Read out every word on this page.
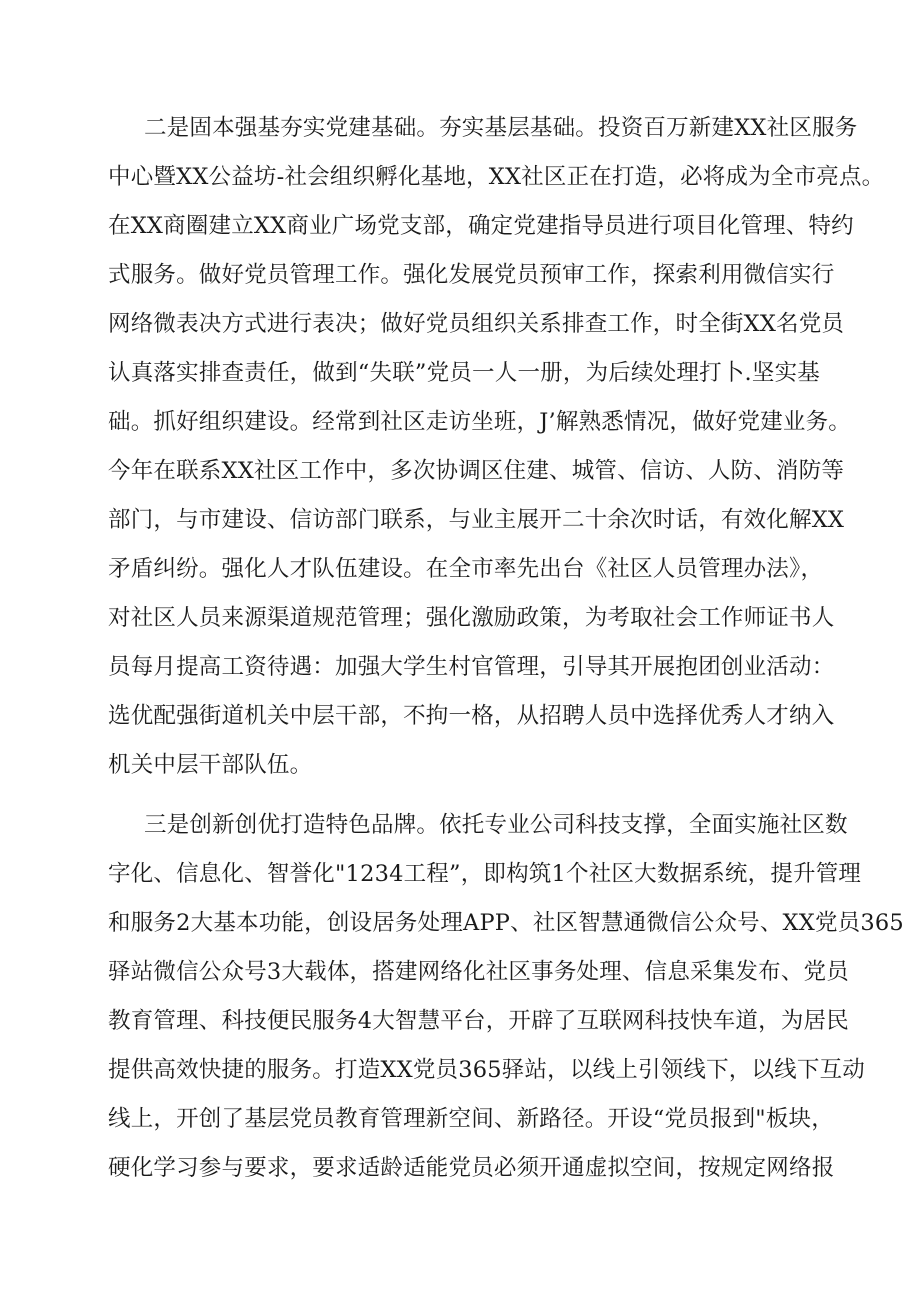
二是固本强基夯实党建基础。夯实基层基础。投资百万新建XX社区服务
中心暨XX公益坊-社会组织孵化基地，XX社区正在打造，必将成为全市亮点。
在XX商圈建立XX商业广场党支部，确定党建指导员进行项目化管理、特约
式服务。做好党员管理工作。强化发展党员预审工作，探索利用微信实行
网络微表决方式进行表决；做好党员组织关系排查工作，时全街XX名党员
认真落实排查责任，做到“失联”党员一人一册，为后续处理打卜.坚实基
础。抓好组织建设。经常到社区走访坐班，J’解熟悉情况，做好党建业务。
今年在联系XX社区工作中，多次协调区住建、城管、信访、人防、消防等
部门，与市建设、信访部门联系，与业主展开二十余次时话，有效化解XX
矛盾纠纷。强化人才队伍建设。在全市率先出台《社区人员管理办法》，
对社区人员来源渠道规范管理；强化激励政策，为考取社会工作师证书人
员每月提高工资待遇：加强大学生村官管理，引导其开展抱团创业活动：
选优配强街道机关中层干部，不拘一格，从招聘人员中选择优秀人才纳入
机关中层干部队伍。
三是创新创优打造特色品牌。依托专业公司科技支撑，全面实施社区数
字化、信息化、智誉化"1234工程”，即构筑1个社区大数据系统，提升管理
和服务2大基本功能，创设居务处理APP、社区智慧通微信公众号、XX党员365
驿站微信公众号3大载体，搭建网络化社区事务处理、信息采集发布、党员
教育管理、科技便民服务4大智慧平台，开辟了互联网科技快车道，为居民
提供高效快捷的服务。打造XX党员365驿站，以线上引领线下，以线下互动
线上，开创了基层党员教育管理新空间、新路径。开设“党员报到"板块，
硬化学习参与要求，要求适龄适能党员必须开通虚拟空间，按规定网络报
